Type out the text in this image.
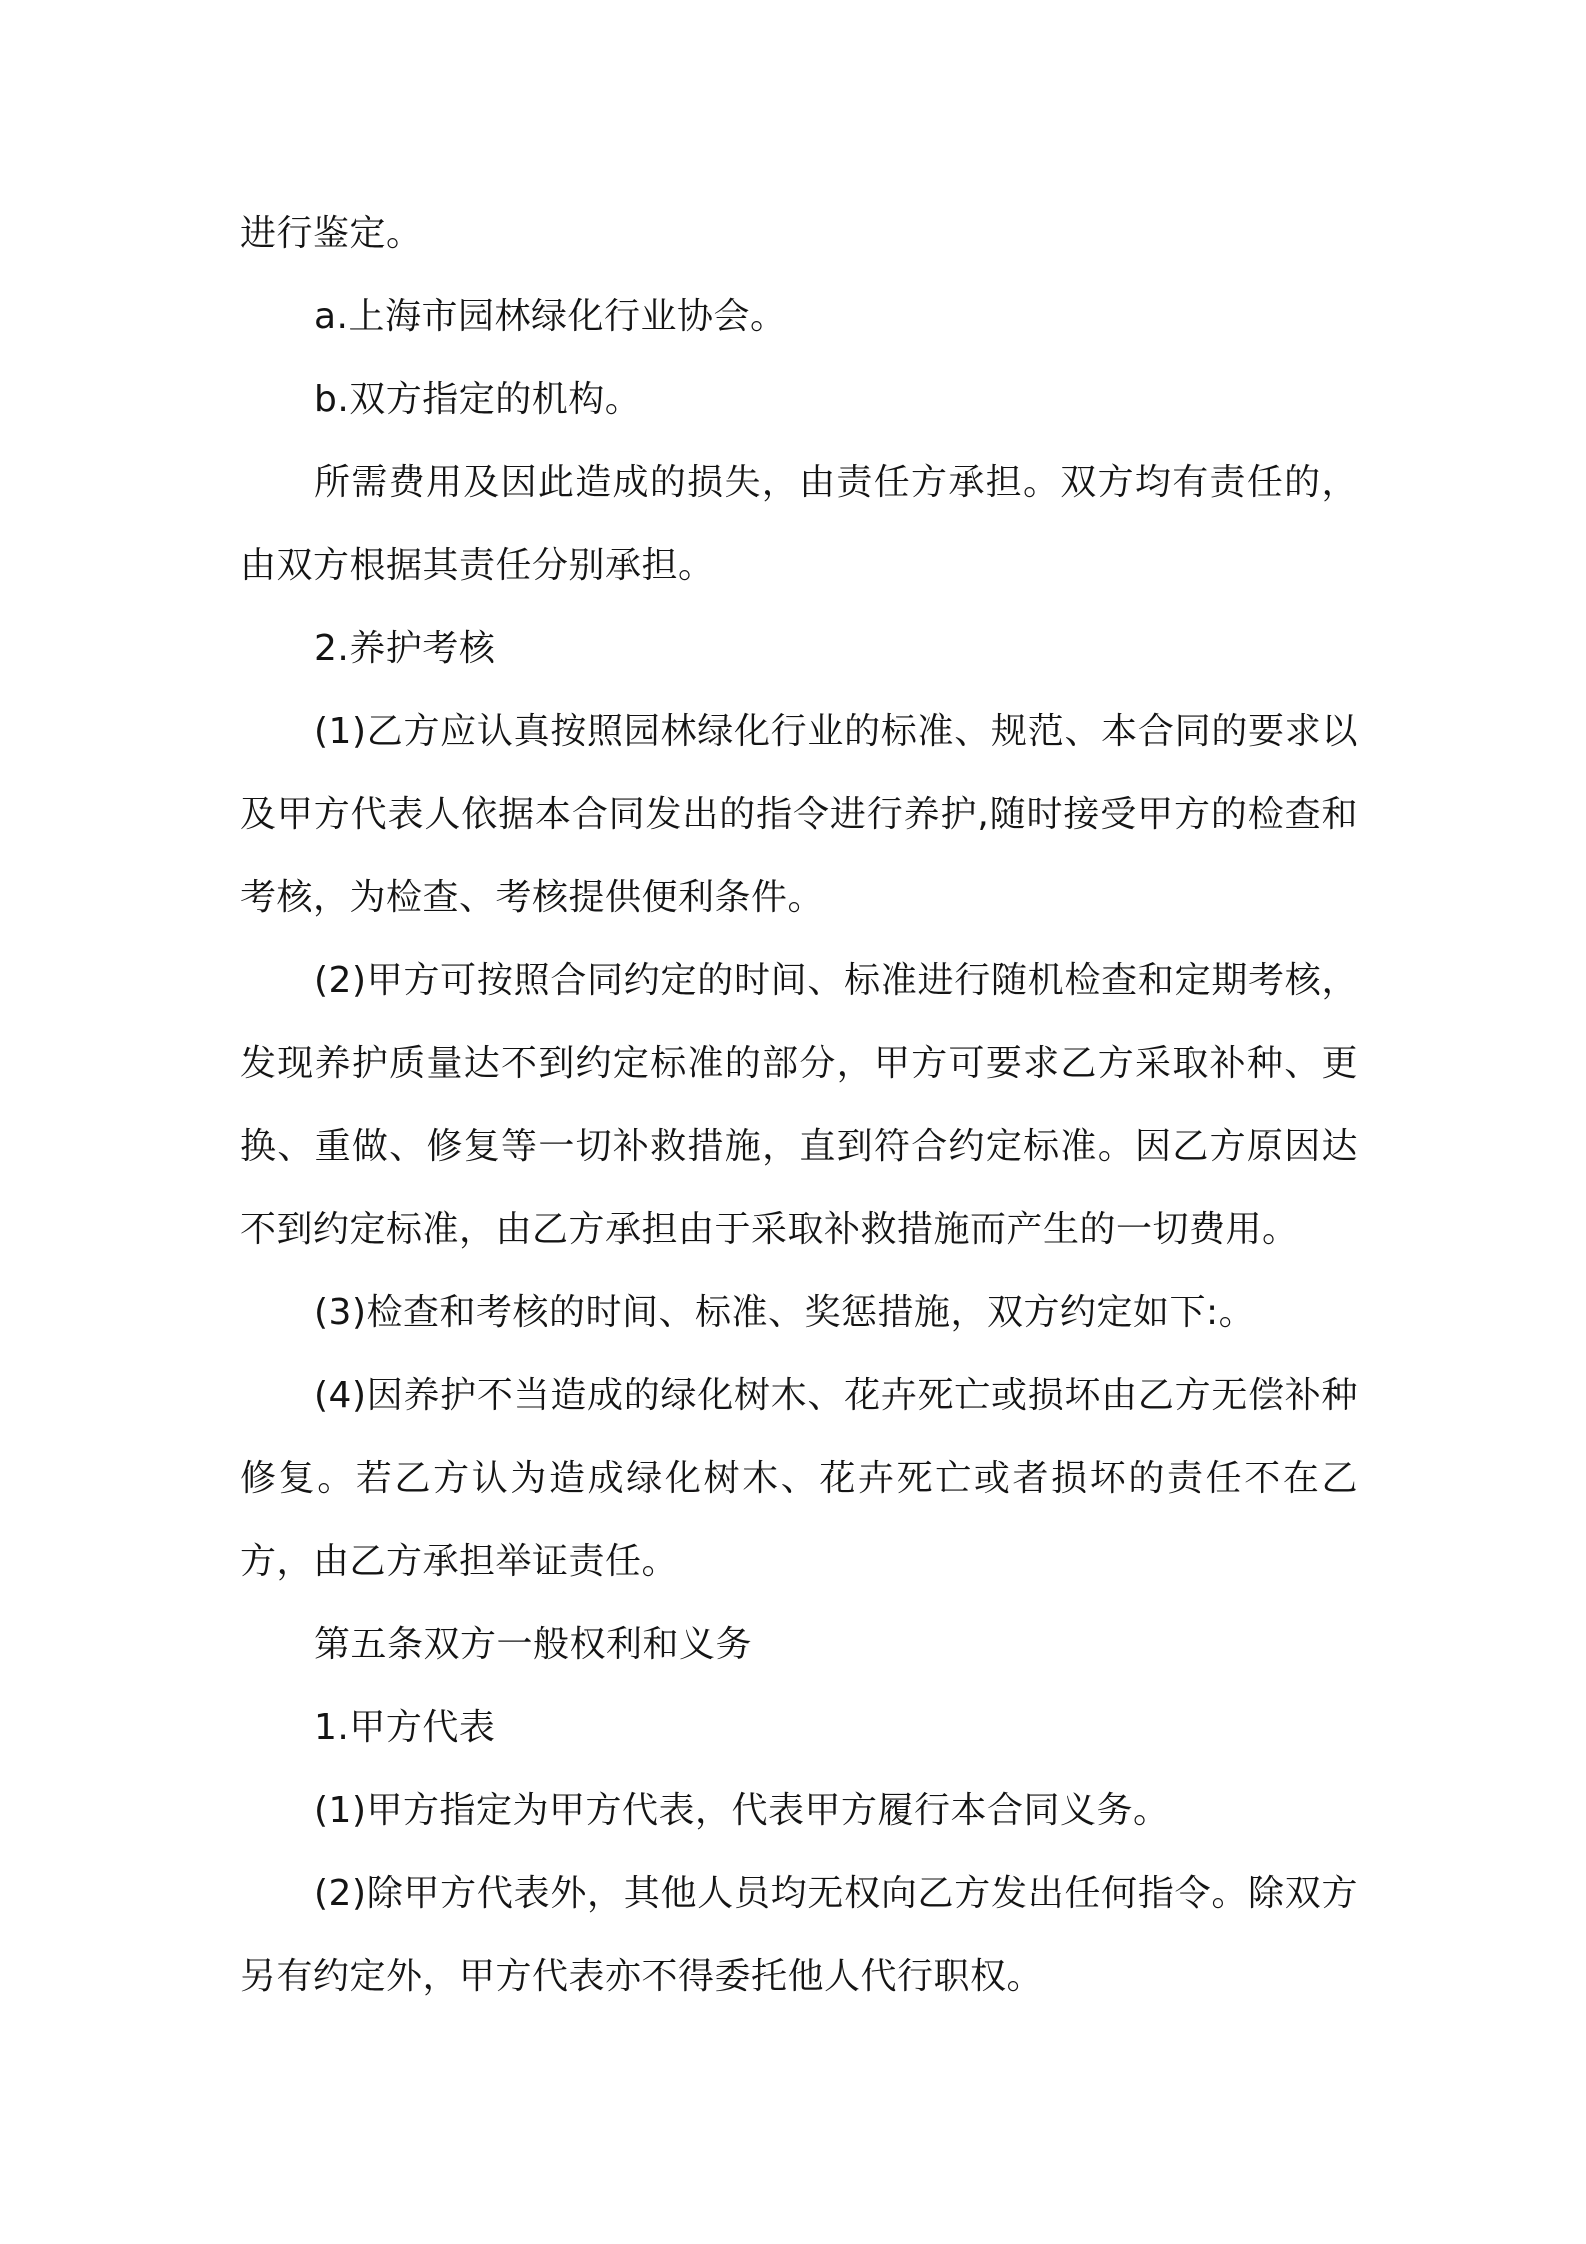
进行鉴定。

a.上海市园林绿化行业协会。

b.双方指定的机构。

所需费用及因此造成的损失，由责任方承担。双方均有责任的，由双方根据其责任分别承担。

2.养护考核

(1)乙方应认真按照园林绿化行业的标准、规范、本合同的要求以及甲方代表人依据本合同发出的指令进行养护,随时接受甲方的检查和考核，为检查、考核提供便利条件。

(2)甲方可按照合同约定的时间、标准进行随机检查和定期考核，发现养护质量达不到约定标准的部分，甲方可要求乙方采取补种、更换、重做、修复等一切补救措施，直到符合约定标准。因乙方原因达不到约定标准，由乙方承担由于采取补救措施而产生的一切费用。

(3)检查和考核的时间、标准、奖惩措施，双方约定如下:。

(4)因养护不当造成的绿化树木、花卉死亡或损坏由乙方无偿补种修复。若乙方认为造成绿化树木、花卉死亡或者损坏的责任不在乙方，由乙方承担举证责任。

第五条双方一般权利和义务

1.甲方代表

(1)甲方指定为甲方代表，代表甲方履行本合同义务。

(2)除甲方代表外，其他人员均无权向乙方发出任何指令。除双方另有约定外，甲方代表亦不得委托他人代行职权。
